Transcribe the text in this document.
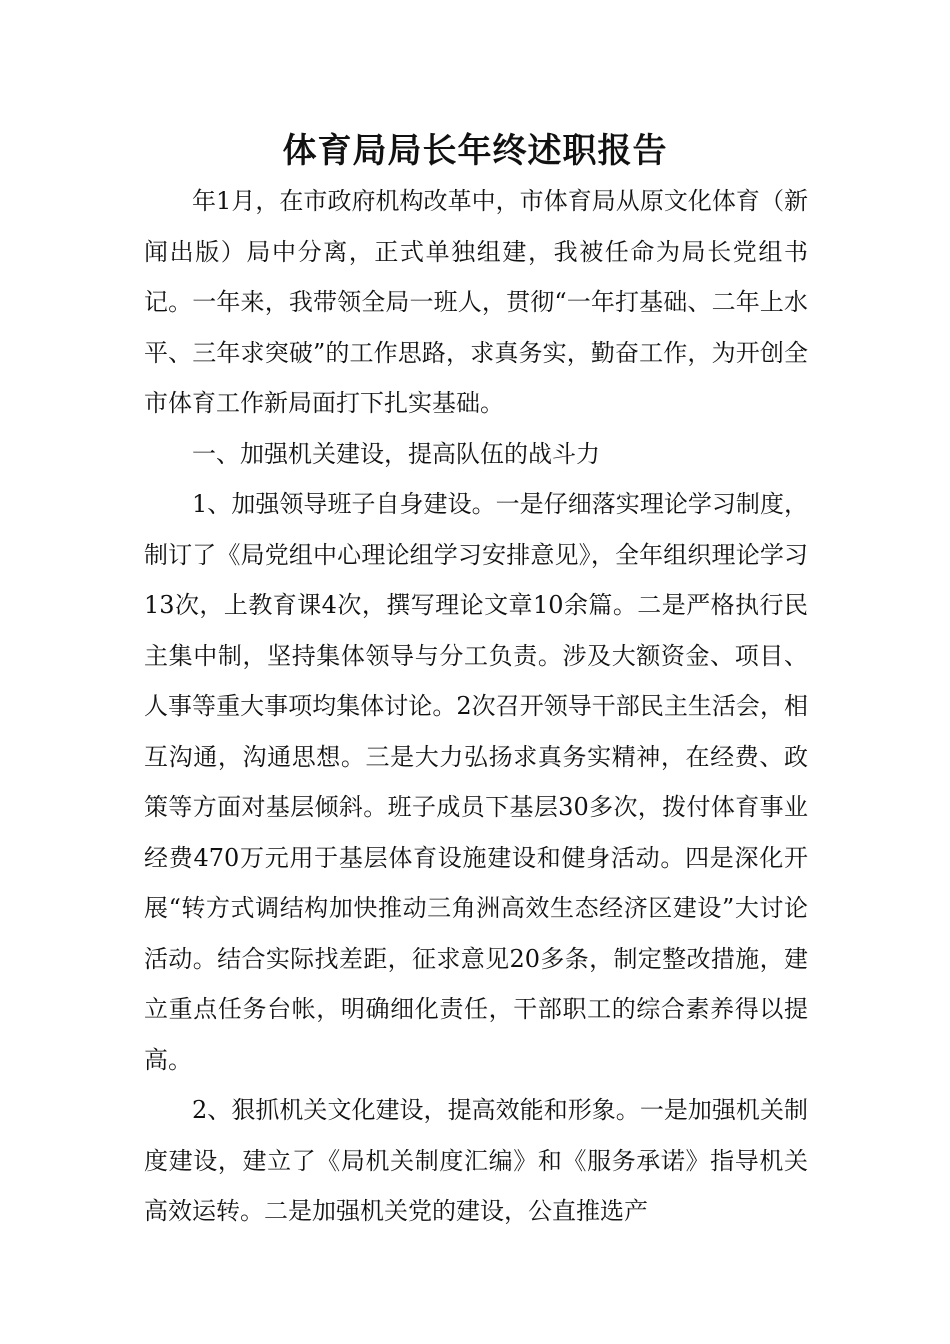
体育局局长年终述职报告

年1月，在市政府机构改革中，市体育局从原文化体育（新闻出版）局中分离，正式单独组建，我被任命为局长党组书记。一年来，我带领全局一班人，贯彻“一年打基础、二年上水平、三年求突破”的工作思路，求真务实，勤奋工作，为开创全市体育工作新局面打下扎实基础。

一、加强机关建设，提高队伍的战斗力

1、加强领导班子自身建设。一是仔细落实理论学习制度，制订了《局党组中心理论组学习安排意见》，全年组织理论学习13次，上教育课4次，撰写理论文章10余篇。二是严格执行民主集中制，坚持集体领导与分工负责。涉及大额资金、项目、人事等重大事项均集体讨论。2次召开领导干部民主生活会，相互沟通，沟通思想。三是大力弘扬求真务实精神，在经费、政策等方面对基层倾斜。班子成员下基层30多次，拨付体育事业经费470万元用于基层体育设施建设和健身活动。四是深化开展“转方式调结构加快推动三角洲高效生态经济区建设”大讨论活动。结合实际找差距，征求意见20多条，制定整改措施，建立重点任务台帐，明确细化责任，干部职工的综合素养得以提高。

2、狠抓机关文化建设，提高效能和形象。一是加强机关制度建设，建立了《局机关制度汇编》和《服务承诺》指导机关高效运转。二是加强机关党的建设，公直推选产
